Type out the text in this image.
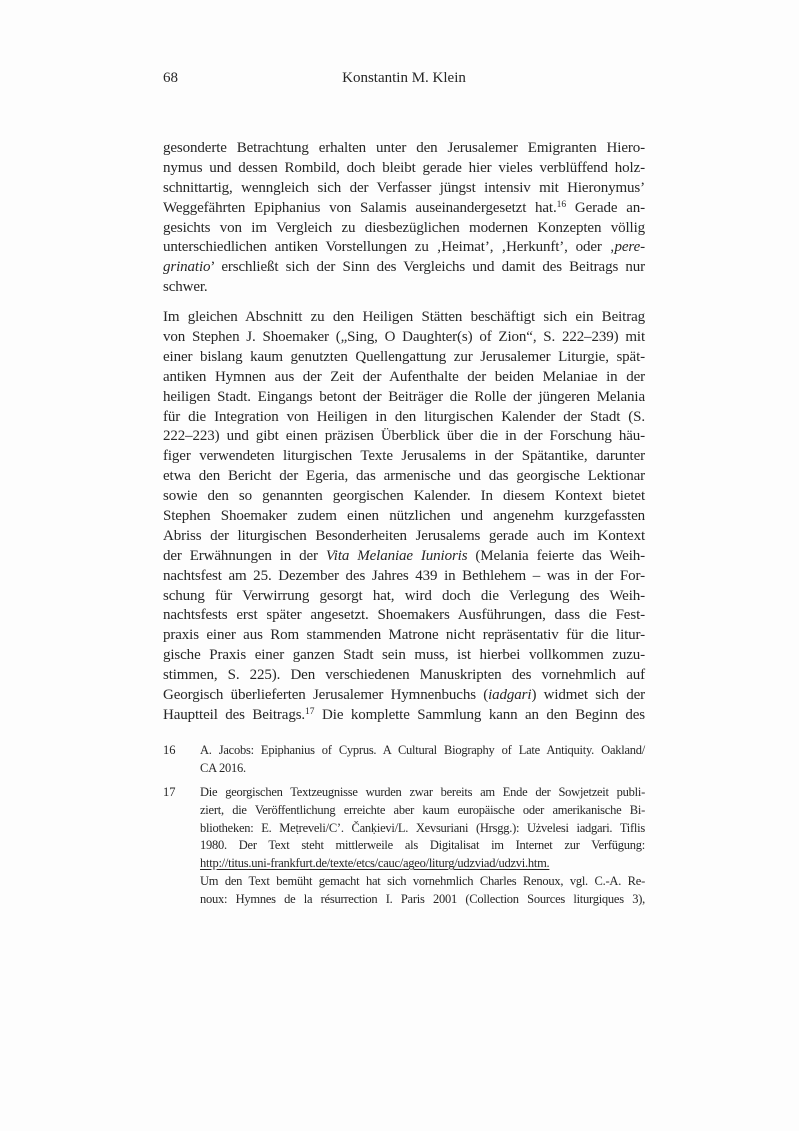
68	Konstantin M. Klein
gesonderte Betrachtung erhalten unter den Jerusalemer Emigranten Hiero-
nymus und dessen Rombild, doch bleibt gerade hier vieles verblüffend holz-
schnittartig, wenngleich sich der Verfasser jüngst intensiv mit Hieronymus’
Weggefährten Epiphanius von Salamis auseinandergesetzt hat.$^{16}$ Gerade an-
gesichts von im Vergleich zu diesbezüglichen modernen Konzepten völlig
unterschiedlichen antiken Vorstellungen zu ‚Heimat’, ‚Herkunft’, oder ‚pere-
grinatio’ erschließt sich der Sinn des Vergleichs und damit des Beitrags nur
schwer.
Im gleichen Abschnitt zu den Heiligen Stätten beschäftigt sich ein Beitrag
von Stephen J. Shoemaker („Sing, O Daughter(s) of Zion“, S. 222–239) mit
einer bislang kaum genutzten Quellengattung zur Jerusalemer Liturgie, spät-
antiken Hymnen aus der Zeit der Aufenthalte der beiden Melaniae in der
heiligen Stadt. Eingangs betont der Beiträger die Rolle der jüngeren Melania
für die Integration von Heiligen in den liturgischen Kalender der Stadt (S.
222–223) und gibt einen präzisen Überblick über die in der Forschung häu-
figer verwendeten liturgischen Texte Jerusalems in der Spätantike, darunter
etwa den Bericht der Egeria, das armenische und das georgische Lektionar
sowie den so genannten georgischen Kalender. In diesem Kontext bietet
Stephen Shoemaker zudem einen nützlichen und angenehm kurzgefassten
Abriss der liturgischen Besonderheiten Jerusalems gerade auch im Kontext
der Erwähnungen in der Vita Melaniae Iunioris (Melania feierte das Weih-
nachtsfest am 25. Dezember des Jahres 439 in Bethlehem – was in der For-
schung für Verwirrung gesorgt hat, wird doch die Verlegung des Weih-
nachtsfests erst später angesetzt. Shoemakers Ausführungen, dass die Fest-
praxis einer aus Rom stammenden Matrone nicht repräsentativ für die litur-
gische Praxis einer ganzen Stadt sein muss, ist hierbei vollkommen zuzu-
stimmen, S. 225). Den verschiedenen Manuskripten des vornehmlich auf
Georgisch überlieferten Jerusalemer Hymnenbuchs (iadgari) widmet sich der
Hauptteil des Beitrags.$^{17}$ Die komplette Sammlung kann an den Beginn des
16	A. Jacobs: Epiphanius of Cyprus. A Cultural Biography of Late Antiquity. Oakland/
CA 2016.
17	Die georgischen Textzeugnisse wurden zwar bereits am Ende der Sowjetzeit publi-
ziert, die Veröffentlichung erreichte aber kaum europäische oder amerikanische Bi-
bliotheken: E. Meṭreveli/Cʼ. Čanḳievi/L. Xevsuriani (Hrsgg.): Użvelesi iadgari. Tiflis
1980. Der Text steht mittlerweile als Digitalisat im Internet zur Verfügung:
http://titus.uni-frankfurt.de/texte/etcs/cauc/ageo/liturg/udzviad/udzvi.htm.
Um den Text bemüht gemacht hat sich vornehmlich Charles Renoux, vgl. C.-A. Re-
noux: Hymnes de la résurrection I. Paris 2001 (Collection Sources liturgiques 3),
